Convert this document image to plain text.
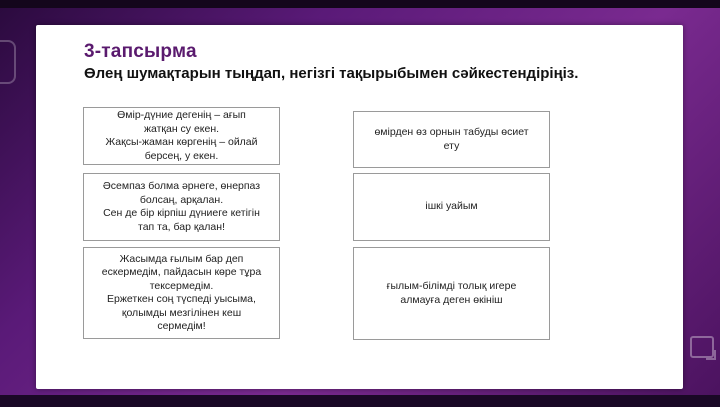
3-тапсырма
Өлең шумақтарын тыңдап, негізгі тақырыбымен сәйкестендіріңіз.
Өмір-дүние дегенің – ағып
жатқан су екен.
Жақсы-жаман көргенің – ойлай
берсең, у екен.
Әсемпаз болма әрнеге, өнерпаз
болсаң, арқалан.
Сен де бір кірпіш дүниеге кетігін
тап та, бар қалан!
Жасымда ғылым бар деп
ескермедім, пайдасын көре тұра
тексермедім.
Ержеткен соң түспеді уысыма,
қолымды мезгілінен кеш
сермедім!
өмірден өз орнын табуды өсиет
ету
ішкі уайым
ғылым-білімді толық игере
алмауға деген өкініш
